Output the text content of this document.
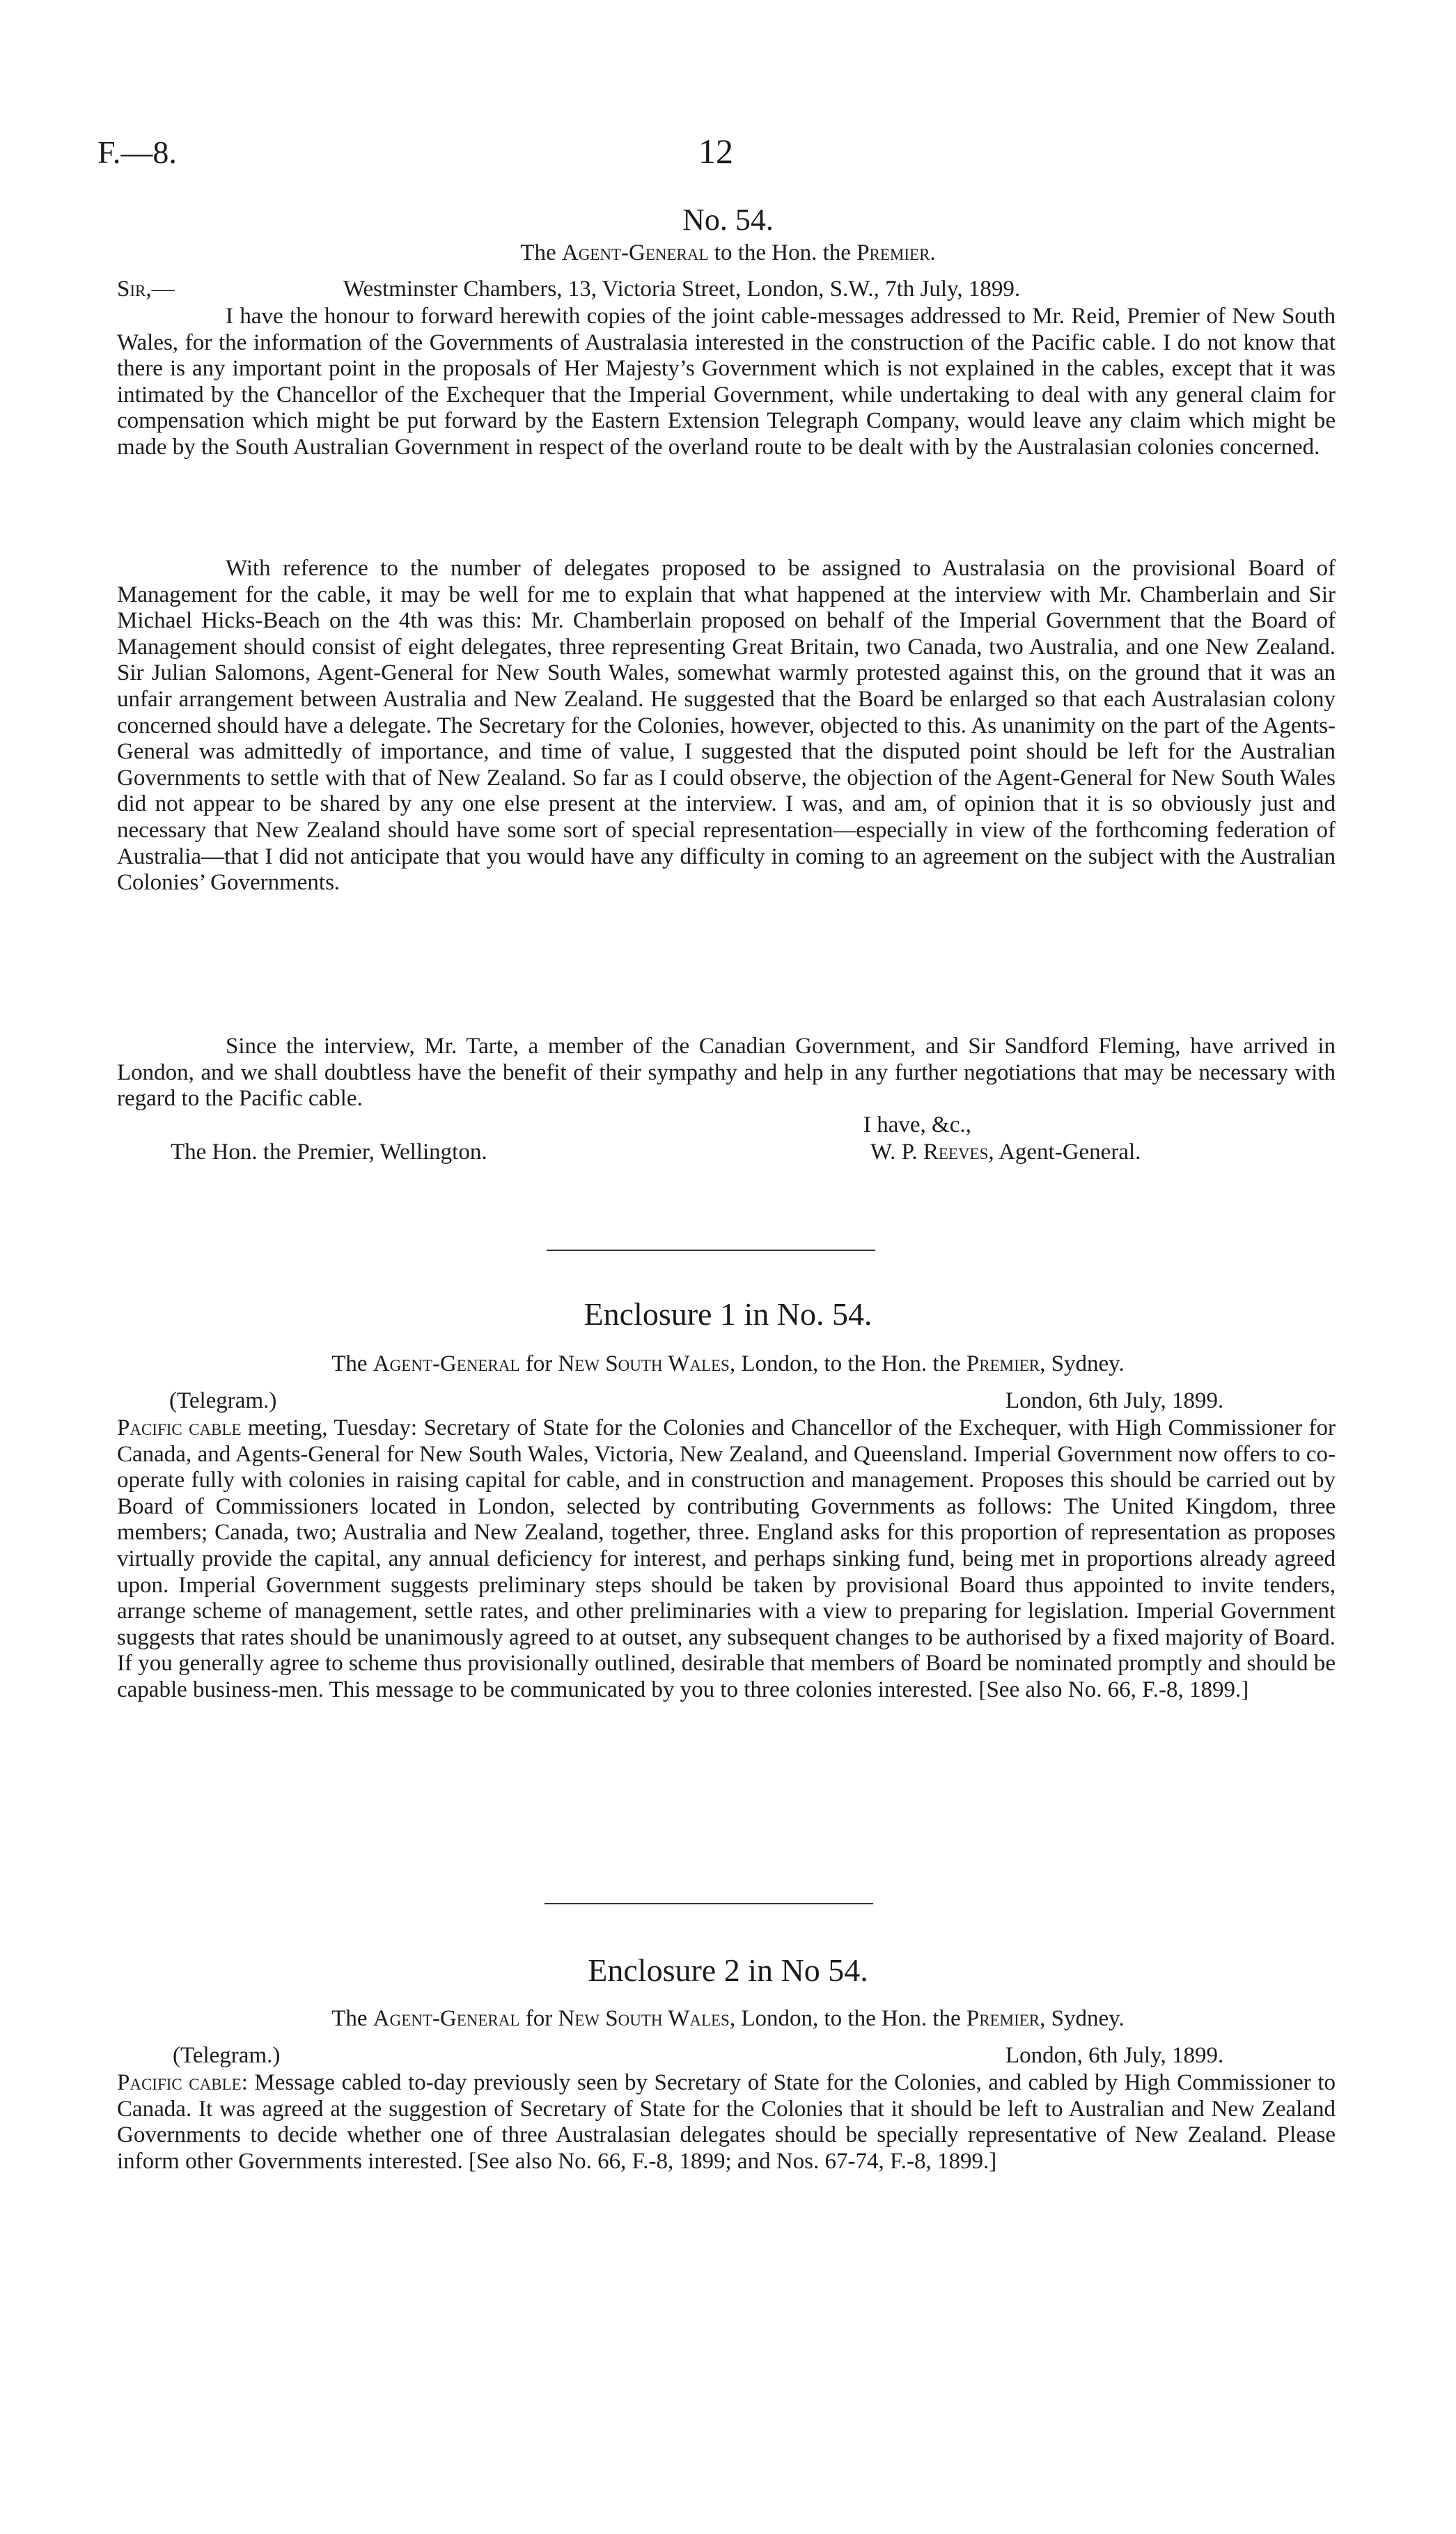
F.—8.	12
No. 54.
The Agent-General to the Hon. the Premier.
Sir,—	Westminster Chambers, 13, Victoria Street, London, S.W., 7th July, 1899.
I have the honour to forward herewith copies of the joint cable-messages addressed to Mr. Reid, Premier of New South Wales, for the information of the Governments of Australasia interested in the construction of the Pacific cable. I do not know that there is any important point in the proposals of Her Majesty’s Government which is not explained in the cables, except that it was intimated by the Chancellor of the Exchequer that the Imperial Government, while undertaking to deal with any general claim for compensation which might be put forward by the Eastern Extension Telegraph Company, would leave any claim which might be made by the South Australian Government in respect of the overland route to be dealt with by the Australasian colonies concerned.
With reference to the number of delegates proposed to be assigned to Australasia on the provisional Board of Management for the cable, it may be well for me to explain that what happened at the interview with Mr. Chamberlain and Sir Michael Hicks-Beach on the 4th was this: Mr. Chamberlain proposed on behalf of the Imperial Government that the Board of Management should consist of eight delegates, three representing Great Britain, two Canada, two Australia, and one New Zealand. Sir Julian Salomons, Agent-General for New South Wales, somewhat warmly protested against this, on the ground that it was an unfair arrangement between Australia and New Zealand. He suggested that the Board be enlarged so that each Australasian colony concerned should have a delegate. The Secretary for the Colonies, however, objected to this. As unanimity on the part of the Agents-General was admittedly of importance, and time of value, I suggested that the disputed point should be left for the Australian Governments to settle with that of New Zealand. So far as I could observe, the objection of the Agent-General for New South Wales did not appear to be shared by any one else present at the interview. I was, and am, of opinion that it is so obviously just and necessary that New Zealand should have some sort of special representation—especially in view of the forthcoming federation of Australia—that I did not anticipate that you would have any difficulty in coming to an agreement on the subject with the Australian Colonies’ Governments.
Since the interview, Mr. Tarte, a member of the Canadian Government, and Sir Sandford Fleming, have arrived in London, and we shall doubtless have the benefit of their sympathy and help in any further negotiations that may be necessary with regard to the Pacific cable.
I have, &c.,
The Hon. the Premier, Wellington.	W. P. Reeves, Agent-General.
Enclosure 1 in No. 54.
The Agent-General for New South Wales, London, to the Hon. the Premier, Sydney.
(Telegram.)	London, 6th July, 1899.
Pacific cable meeting, Tuesday: Secretary of State for the Colonies and Chancellor of the Exchequer, with High Commissioner for Canada, and Agents-General for New South Wales, Victoria, New Zealand, and Queensland. Imperial Government now offers to co-operate fully with colonies in raising capital for cable, and in construction and management. Proposes this should be carried out by Board of Commissioners located in London, selected by contributing Governments as follows: The United Kingdom, three members; Canada, two; Australia and New Zealand, together, three. England asks for this proportion of representation as proposes virtually provide the capital, any annual deficiency for interest, and perhaps sinking fund, being met in proportions already agreed upon. Imperial Government suggests preliminary steps should be taken by provisional Board thus appointed to invite tenders, arrange scheme of management, settle rates, and other preliminaries with a view to preparing for legislation. Imperial Government suggests that rates should be unanimously agreed to at outset, any subsequent changes to be authorised by a fixed majority of Board. If you generally agree to scheme thus provisionally outlined, desirable that members of Board be nominated promptly and should be capable business-men. This message to be communicated by you to three colonies interested. [See also No. 66, F.-8, 1899.]
Enclosure 2 in No 54.
The Agent-General for New South Wales, London, to the Hon. the Premier, Sydney.
(Telegram.)	London, 6th July, 1899.
Pacific cable: Message cabled to-day previously seen by Secretary of State for the Colonies, and cabled by High Commissioner to Canada. It was agreed at the suggestion of Secretary of State for the Colonies that it should be left to Australian and New Zealand Governments to decide whether one of three Australasian delegates should be specially representative of New Zealand. Please inform other Governments interested. [See also No. 66, F.-8, 1899; and Nos. 67-74, F.-8, 1899.]
